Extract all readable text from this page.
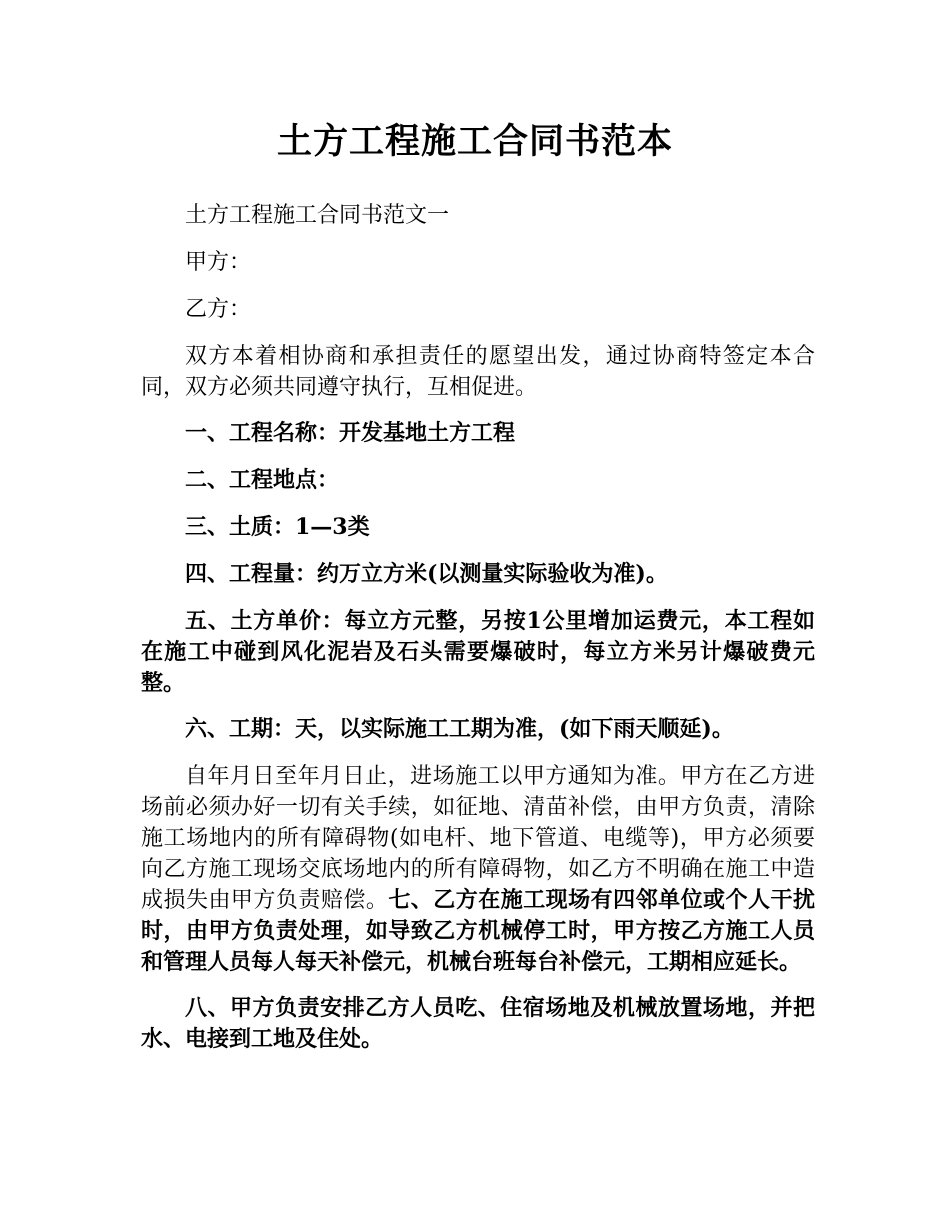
土方工程施工合同书范本

土方工程施工合同书范文一

甲方：

乙方：

双方本着相协商和承担责任的愿望出发，通过协商特签定本合同，双方必须共同遵守执行，互相促进。

一、工程名称：开发基地土方工程

二、工程地点：

三、土质：1—3类

四、工程量：约万立方米(以测量实际验收为准)。

五、土方单价：每立方元整，另按1公里增加运费元，本工程如在施工中碰到风化泥岩及石头需要爆破时，每立方米另计爆破费元整。

六、工期：天，以实际施工工期为准，(如下雨天顺延)。

自年月日至年月日止，进场施工以甲方通知为准。甲方在乙方进场前必须办好一切有关手续，如征地、清苗补偿，由甲方负责，清除施工场地内的所有障碍物(如电杆、地下管道、电缆等)，甲方必须要向乙方施工现场交底场地内的所有障碍物，如乙方不明确在施工中造成损失由甲方负责赔偿。七、乙方在施工现场有四邻单位或个人干扰时，由甲方负责处理，如导致乙方机械停工时，甲方按乙方施工人员和管理人员每人每天补偿元，机械台班每台补偿元，工期相应延长。

八、甲方负责安排乙方人员吃、住宿场地及机械放置场地，并把水、电接到工地及住处。
